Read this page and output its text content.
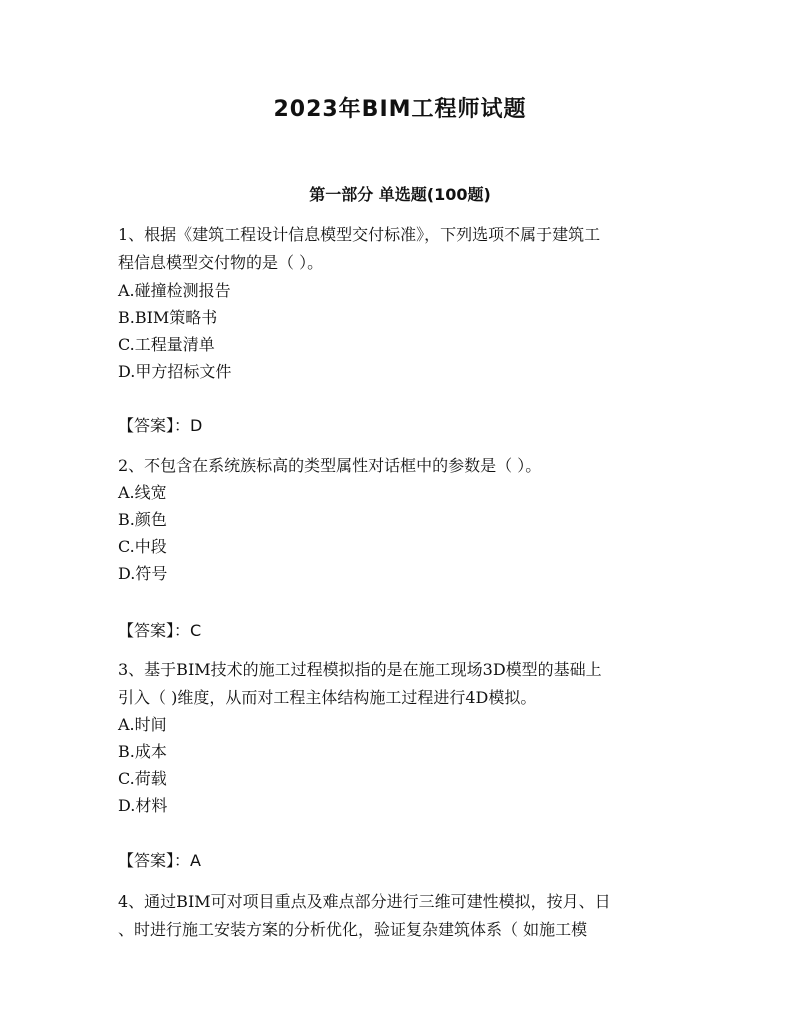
2023年BIM工程师试题
第一部分 单选题(100题)
1、根据《建筑工程设计信息模型交付标准》，下列选项不属于建筑工
程信息模型交付物的是（ ）。
A.碰撞检测报告
B.BIM策略书
C.工程量清单
D.甲方招标文件
【答案】：D
2、不包含在系统族标高的类型属性对话框中的参数是（ ）。
A.线宽
B.颜色
C.中段
D.符号
【答案】：C
3、基于BIM技术的施工过程模拟指的是在施工现场3D模型的基础上
引入（ )维度，从而对工程主体结构施工过程进行4D模拟。
A.时间
B.成本
C.荷载
D.材料
【答案】：A
4、通过BIM可对项目重点及难点部分进行三维可建性模拟，按月、日
、时进行施工安装方案的分析优化，验证复杂建筑体系（ 如施工模
